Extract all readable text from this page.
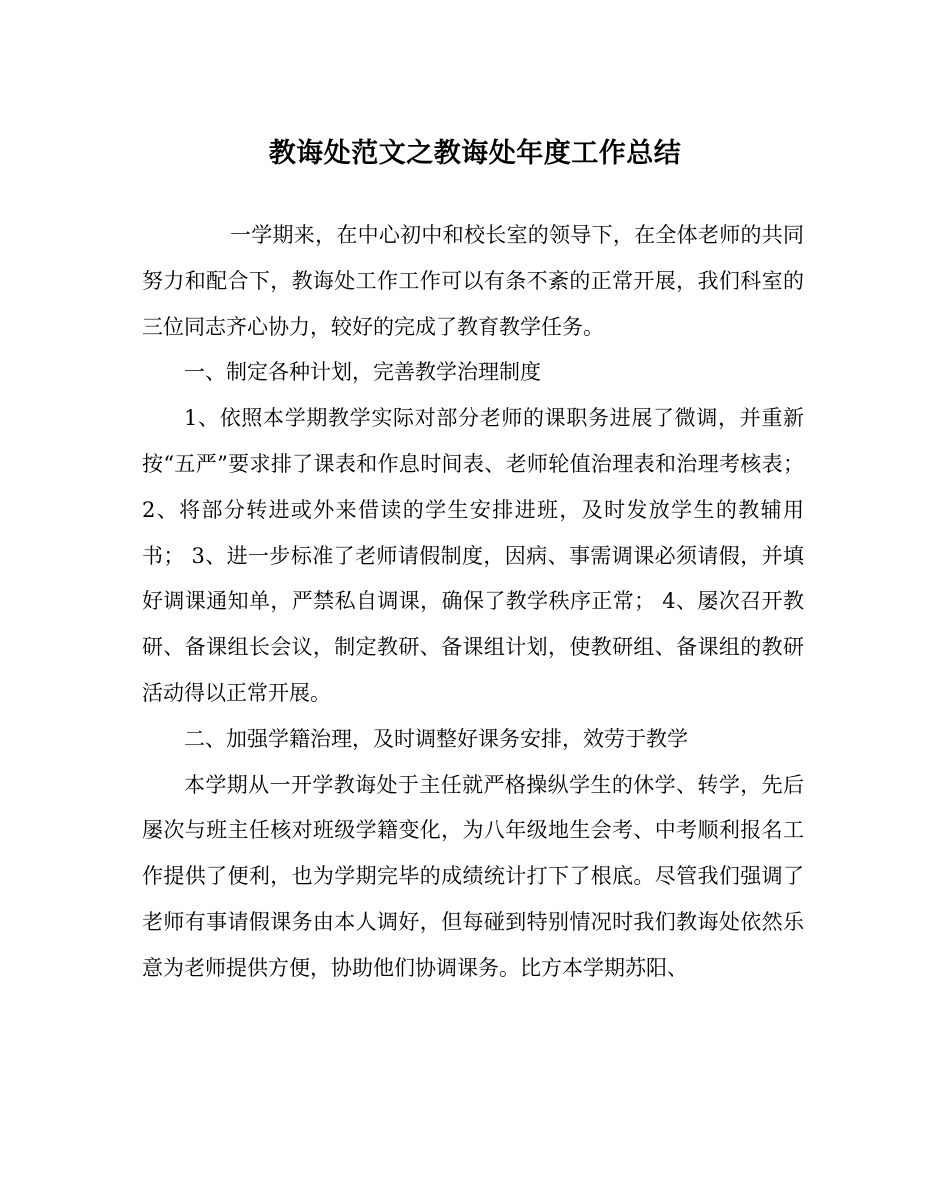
教诲处范文之教诲处年度工作总结

一学期来，在中心初中和校长室的领导下，在全体老师的共同努力和配合下，教诲处工作工作可以有条不紊的正常开展，我们科室的三位同志齐心协力，较好的完成了教育教学任务。

一、制定各种计划，完善教学治理制度

1、依照本学期教学实际对部分老师的课职务进展了微调，并重新按“五严”要求排了课表和作息时间表、老师轮值治理表和治理考核表； 2、将部分转进或外来借读的学生安排进班，及时发放学生的教辅用书； 3、进一步标准了老师请假制度，因病、事需调课必须请假，并填好调课通知单，严禁私自调课，确保了教学秩序正常； 4、屡次召开教研、备课组长会议，制定教研、备课组计划，使教研组、备课组的教研活动得以正常开展。

二、加强学籍治理，及时调整好课务安排，效劳于教学

本学期从一开学教诲处于主任就严格操纵学生的休学、转学，先后屡次与班主任核对班级学籍变化，为八年级地生会考、中考顺利报名工作提供了便利，也为学期完毕的成绩统计打下了根底。尽管我们强调了老师有事请假课务由本人调好，但每碰到特别情况时我们教诲处依然乐意为老师提供方便，协助他们协调课务。比方本学期苏阳、
